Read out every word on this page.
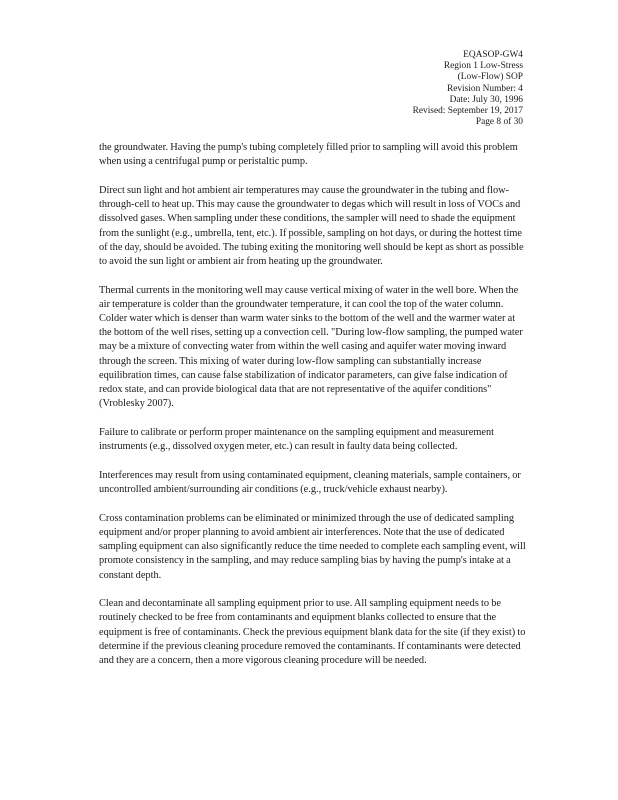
EQASOP-GW4
Region 1 Low-Stress
(Low-Flow) SOP
Revision Number: 4
Date: July 30, 1996
Revised: September 19, 2017
Page 8 of 30

the groundwater. Having the pump's tubing completely filled prior to sampling will avoid this problem when using a centrifugal pump or peristaltic pump.

Direct sun light and hot ambient air temperatures may cause the groundwater in the tubing and flow-through-cell to heat up. This may cause the groundwater to degas which will result in loss of VOCs and dissolved gases. When sampling under these conditions, the sampler will need to shade the equipment from the sunlight (e.g., umbrella, tent, etc.). If possible, sampling on hot days, or during the hottest time of the day, should be avoided. The tubing exiting the monitoring well should be kept as short as possible to avoid the sun light or ambient air from heating up the groundwater.

Thermal currents in the monitoring well may cause vertical mixing of water in the well bore. When the air temperature is colder than the groundwater temperature, it can cool the top of the water column. Colder water which is denser than warm water sinks to the bottom of the well and the warmer water at the bottom of the well rises, setting up a convection cell. "During low-flow sampling, the pumped water may be a mixture of convecting water from within the well casing and aquifer water moving inward through the screen. This mixing of water during low-flow sampling can substantially increase equilibration times, can cause false stabilization of indicator parameters, can give false indication of redox state, and can provide biological data that are not representative of the aquifer conditions" (Vroblesky 2007).

Failure to calibrate or perform proper maintenance on the sampling equipment and measurement instruments (e.g., dissolved oxygen meter, etc.) can result in faulty data being collected.

Interferences may result from using contaminated equipment, cleaning materials, sample containers, or uncontrolled ambient/surrounding air conditions (e.g., truck/vehicle exhaust nearby).

Cross contamination problems can be eliminated or minimized through the use of dedicated sampling equipment and/or proper planning to avoid ambient air interferences. Note that the use of dedicated sampling equipment can also significantly reduce the time needed to complete each sampling event, will promote consistency in the sampling, and may reduce sampling bias by having the pump's intake at a constant depth.

Clean and decontaminate all sampling equipment prior to use. All sampling equipment needs to be routinely checked to be free from contaminants and equipment blanks collected to ensure that the equipment is free of contaminants. Check the previous equipment blank data for the site (if they exist) to determine if the previous cleaning procedure removed the contaminants. If contaminants were detected and they are a concern, then a more vigorous cleaning procedure will be needed.
